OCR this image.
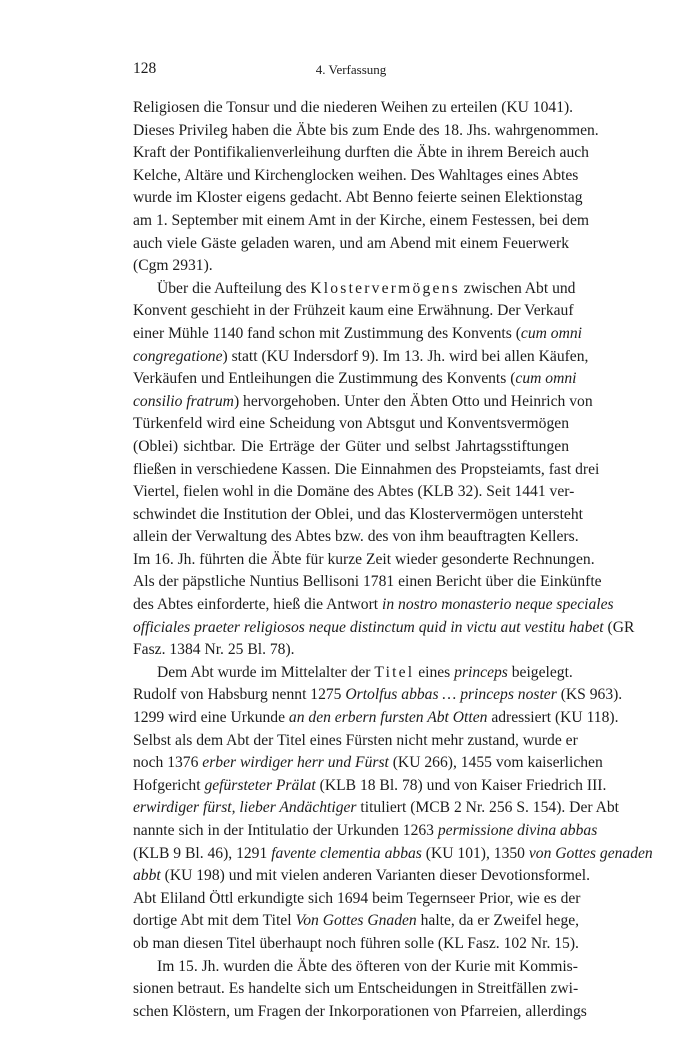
128	4. Verfassung
Religiosen die Tonsur und die niederen Weihen zu erteilen (KU 1041).
Dieses Privileg haben die Äbte bis zum Ende des 18. Jhs. wahrgenommen.
Kraft der Pontifikalienverleihung durften die Äbte in ihrem Bereich auch
Kelche, Altäre und Kirchenglocken weihen. Des Wahltages eines Abtes
wurde im Kloster eigens gedacht. Abt Benno feierte seinen Elektionstag
am 1. September mit einem Amt in der Kirche, einem Festessen, bei dem
auch viele Gäste geladen waren, und am Abend mit einem Feuerwerk
(Cgm 2931).
Über die Aufteilung des Klostervermögens zwischen Abt und
Konvent geschieht in der Frühzeit kaum eine Erwähnung. Der Verkauf
einer Mühle 1140 fand schon mit Zustimmung des Konvents (cum omni
congregatione) statt (KU Indersdorf 9). Im 13. Jh. wird bei allen Käufen,
Verkäufen und Entleihungen die Zustimmung des Konvents (cum omni
consilio fratrum) hervorgehoben. Unter den Äbten Otto und Heinrich von
Türkenfeld wird eine Scheidung von Abtsgut und Konventsvermögen
(Oblei) sichtbar. Die Erträge der Güter und selbst Jahrtagsstiftungen
fließen in verschiedene Kassen. Die Einnahmen des Propsteiamts, fast drei
Viertel, fielen wohl in die Domäne des Abtes (KLB 32). Seit 1441 ver-
schwindet die Institution der Oblei, und das Klostervermögen untersteht
allein der Verwaltung des Abtes bzw. des von ihm beauftragten Kellers.
Im 16. Jh. führten die Äbte für kurze Zeit wieder gesonderte Rechnungen.
Als der päpstliche Nuntius Bellisoni 1781 einen Bericht über die Einkünfte
des Abtes einforderte, hieß die Antwort in nostro monasterio neque speciales
officiales praeter religiosos neque distinctum quid in victu aut vestitu habet (GR
Fasz. 1384 Nr. 25 Bl. 78).
Dem Abt wurde im Mittelalter der Titel eines princeps beigelegt.
Rudolf von Habsburg nennt 1275 Ortolfus abbas … princeps noster (KS 963).
1299 wird eine Urkunde an den erbern fursten Abt Otten adressiert (KU 118).
Selbst als dem Abt der Titel eines Fürsten nicht mehr zustand, wurde er
noch 1376 erber wirdiger herr und Fürst (KU 266), 1455 vom kaiserlichen
Hofgericht gefürsteter Prälat (KLB 18 Bl. 78) und von Kaiser Friedrich III.
erwirdiger fürst, lieber Andächtiger tituliert (MCB 2 Nr. 256 S. 154). Der Abt
nannte sich in der Intitulatio der Urkunden 1263 permissione divina abbas
(KLB 9 Bl. 46), 1291 favente clementia abbas (KU 101), 1350 von Gottes genaden
abbt (KU 198) und mit vielen anderen Varianten dieser Devotionsformel.
Abt Eliland Öttl erkundigte sich 1694 beim Tegernseer Prior, wie es der
dortige Abt mit dem Titel Von Gottes Gnaden halte, da er Zweifel hege,
ob man diesen Titel überhaupt noch führen solle (KL Fasz. 102 Nr. 15).
Im 15. Jh. wurden die Äbte des öfteren von der Kurie mit Kommis-
sionen betraut. Es handelte sich um Entscheidungen in Streitfällen zwi-
schen Klöstern, um Fragen der Inkorporationen von Pfarreien, allerdings
